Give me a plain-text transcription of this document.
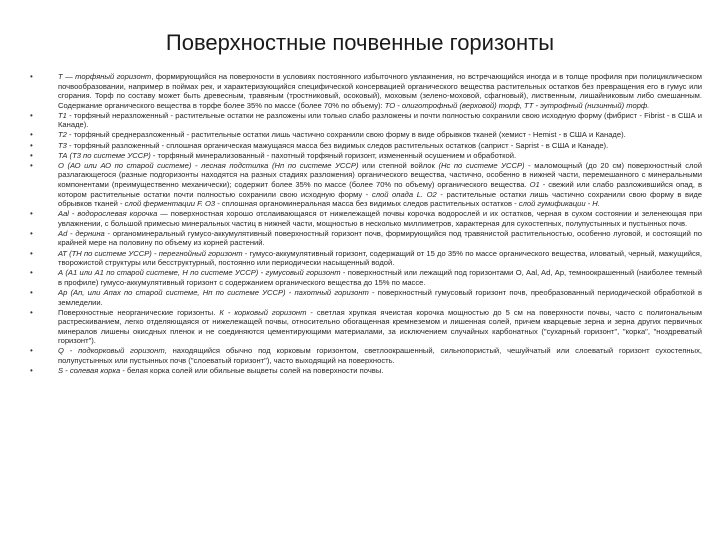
Поверхностные почвенные горизонты
• Т — торфяный горизонт, формирующийся на поверхности в условиях постоянного избыточного увлажнения, но встречающийся иногда и в толще профиля при полициклическом почвообразовании, например в поймах рек, и характеризующийся специфической консервацией органического вещества растительных остатков без превращения его в гумус или сгорания. Торф по составу может быть древесным, травяным (тростниковый, осоковый), моховым (зелено-моховой, сфагновый), лиственным, лишайниковым либо смешанным. Содержание органического вещества в торфе более 35% по массе (более 70% по объему): ТО - олиготрофный (верховой) торф, ТТ - эутрофный (низинный) торф.
• Т1 - торфяный неразложенный - растительные остатки не разложены или только слабо разложены и почти полностью сохранили свою исходную форму (фибрист - Fibrist - в США и Канаде).
• Т2 - торфяный среднеразложенный - растительные остатки лишь частично сохранили свою форму в виде обрывков тканей (хемист - Hemist - в США и Канаде).
• Т3 - торфяный разложенный - сплошная органическая мажущаяся масса без видимых следов растительных остатков (саприст - Saprist - в США и Канаде).
• ТА (Т3 по системе УССР) - торфяный минерализованный - пахотный торфяный горизонт, измененный осушением и обработкой.
• О (АО или АО по старой системе) - лесная подстилка (Нп по системе УССР) или степной войлок (Нс по системе УССР) - маломощный (до 20 см) поверхностный слой разлагающегося (разные подгоризонты находятся на разных стадиях разложения) органического вещества, частично, особенно в нижней части, перемешанного с минеральными компонентами (преимущественно механически); содержит более 35% по массе (более 70% по объему) органического вещества. О1 - свежий или слабо разложившийся опад, в котором растительные остатки почти полностью сохранили свою исходную форму - слой опада L. О2 - растительные остатки лишь частично сохранили свою форму в виде обрывков тканей - слой ферментации F. О3 - сплошная органоминеральная масса без видимых следов растительных остатков - слой гумификации - Н.
• Aal - водорослевая корочка — поверхностная хорошо отслаивающаяся от нижележащей почвы корочка водорослей и их остатков, черная в сухом состоянии и зеленеющая при увлажнении, с большой примесью минеральных частиц в нижней части, мощностью в несколько миллиметров, характерная для сухостепных, полупустынных и пустынных почв.
• Ad - дернина - органоминеральный гумусо-аккумулятивный поверхностный горизонт почв, формирующийся под травянистой растительностью, особенно луговой, и состоящий по крайней мере на половину по объему из корней растений.
• АТ (ТН по системе УССР) - перегнойный горизонт - гумусо-аккумулятивный горизонт, содержащий от 15 до 35% по массе органического вещества, иловатый, черный, мажущийся, творожистой структуры или бесструктурный, постоянно или периодически насыщенный водой.
• А (А1 или А1 по старой системе, Н по системе УССР) - гумусовый горизонт - поверхностный или лежащий под горизонтами О, Aal, Ad, Ар, темноокрашенный (наиболее темный в профиле) гумусо-аккумулятивный горизонт с содержанием органического вещества до 15% по массе.
• Ар (Ап, или Апах по старой системе, Нп по системе УССР) - пахотный горизонт - поверхностный гумусовый горизонт почв, преобразованный периодической обработкой в земледелии.
• Поверхностные неорганические горизонты. К - корковый горизонт - светлая хрупкая ячеистая корочка мощностью до 5 см на поверхности почвы, часто с полигональным растрескиванием, легко отделяющаяся от нижележащей почвы, относительно обогащенная кремнеземом и лишенная солей, причем кварцевые зерна и зерна других первичных минералов лишены окисдных пленок и не соединяются цементирующими материалами, за исключением случайных карбонатных ("сухарный горизонт", "корка", "ноздреватый горизонт").
• Q - подкорковый горизонт, находящийся обычно под корковым горизонтом, светлоокрашенный, сильнопористый, чешуйчатый или слоеватый горизонт сухостепных, полупустынных или пустынных почв ("слоеватый горизонт"), часто выходящий на поверхность.
• S - солевая корка - белая корка солей или обильные выцветы солей на поверхности почвы.
